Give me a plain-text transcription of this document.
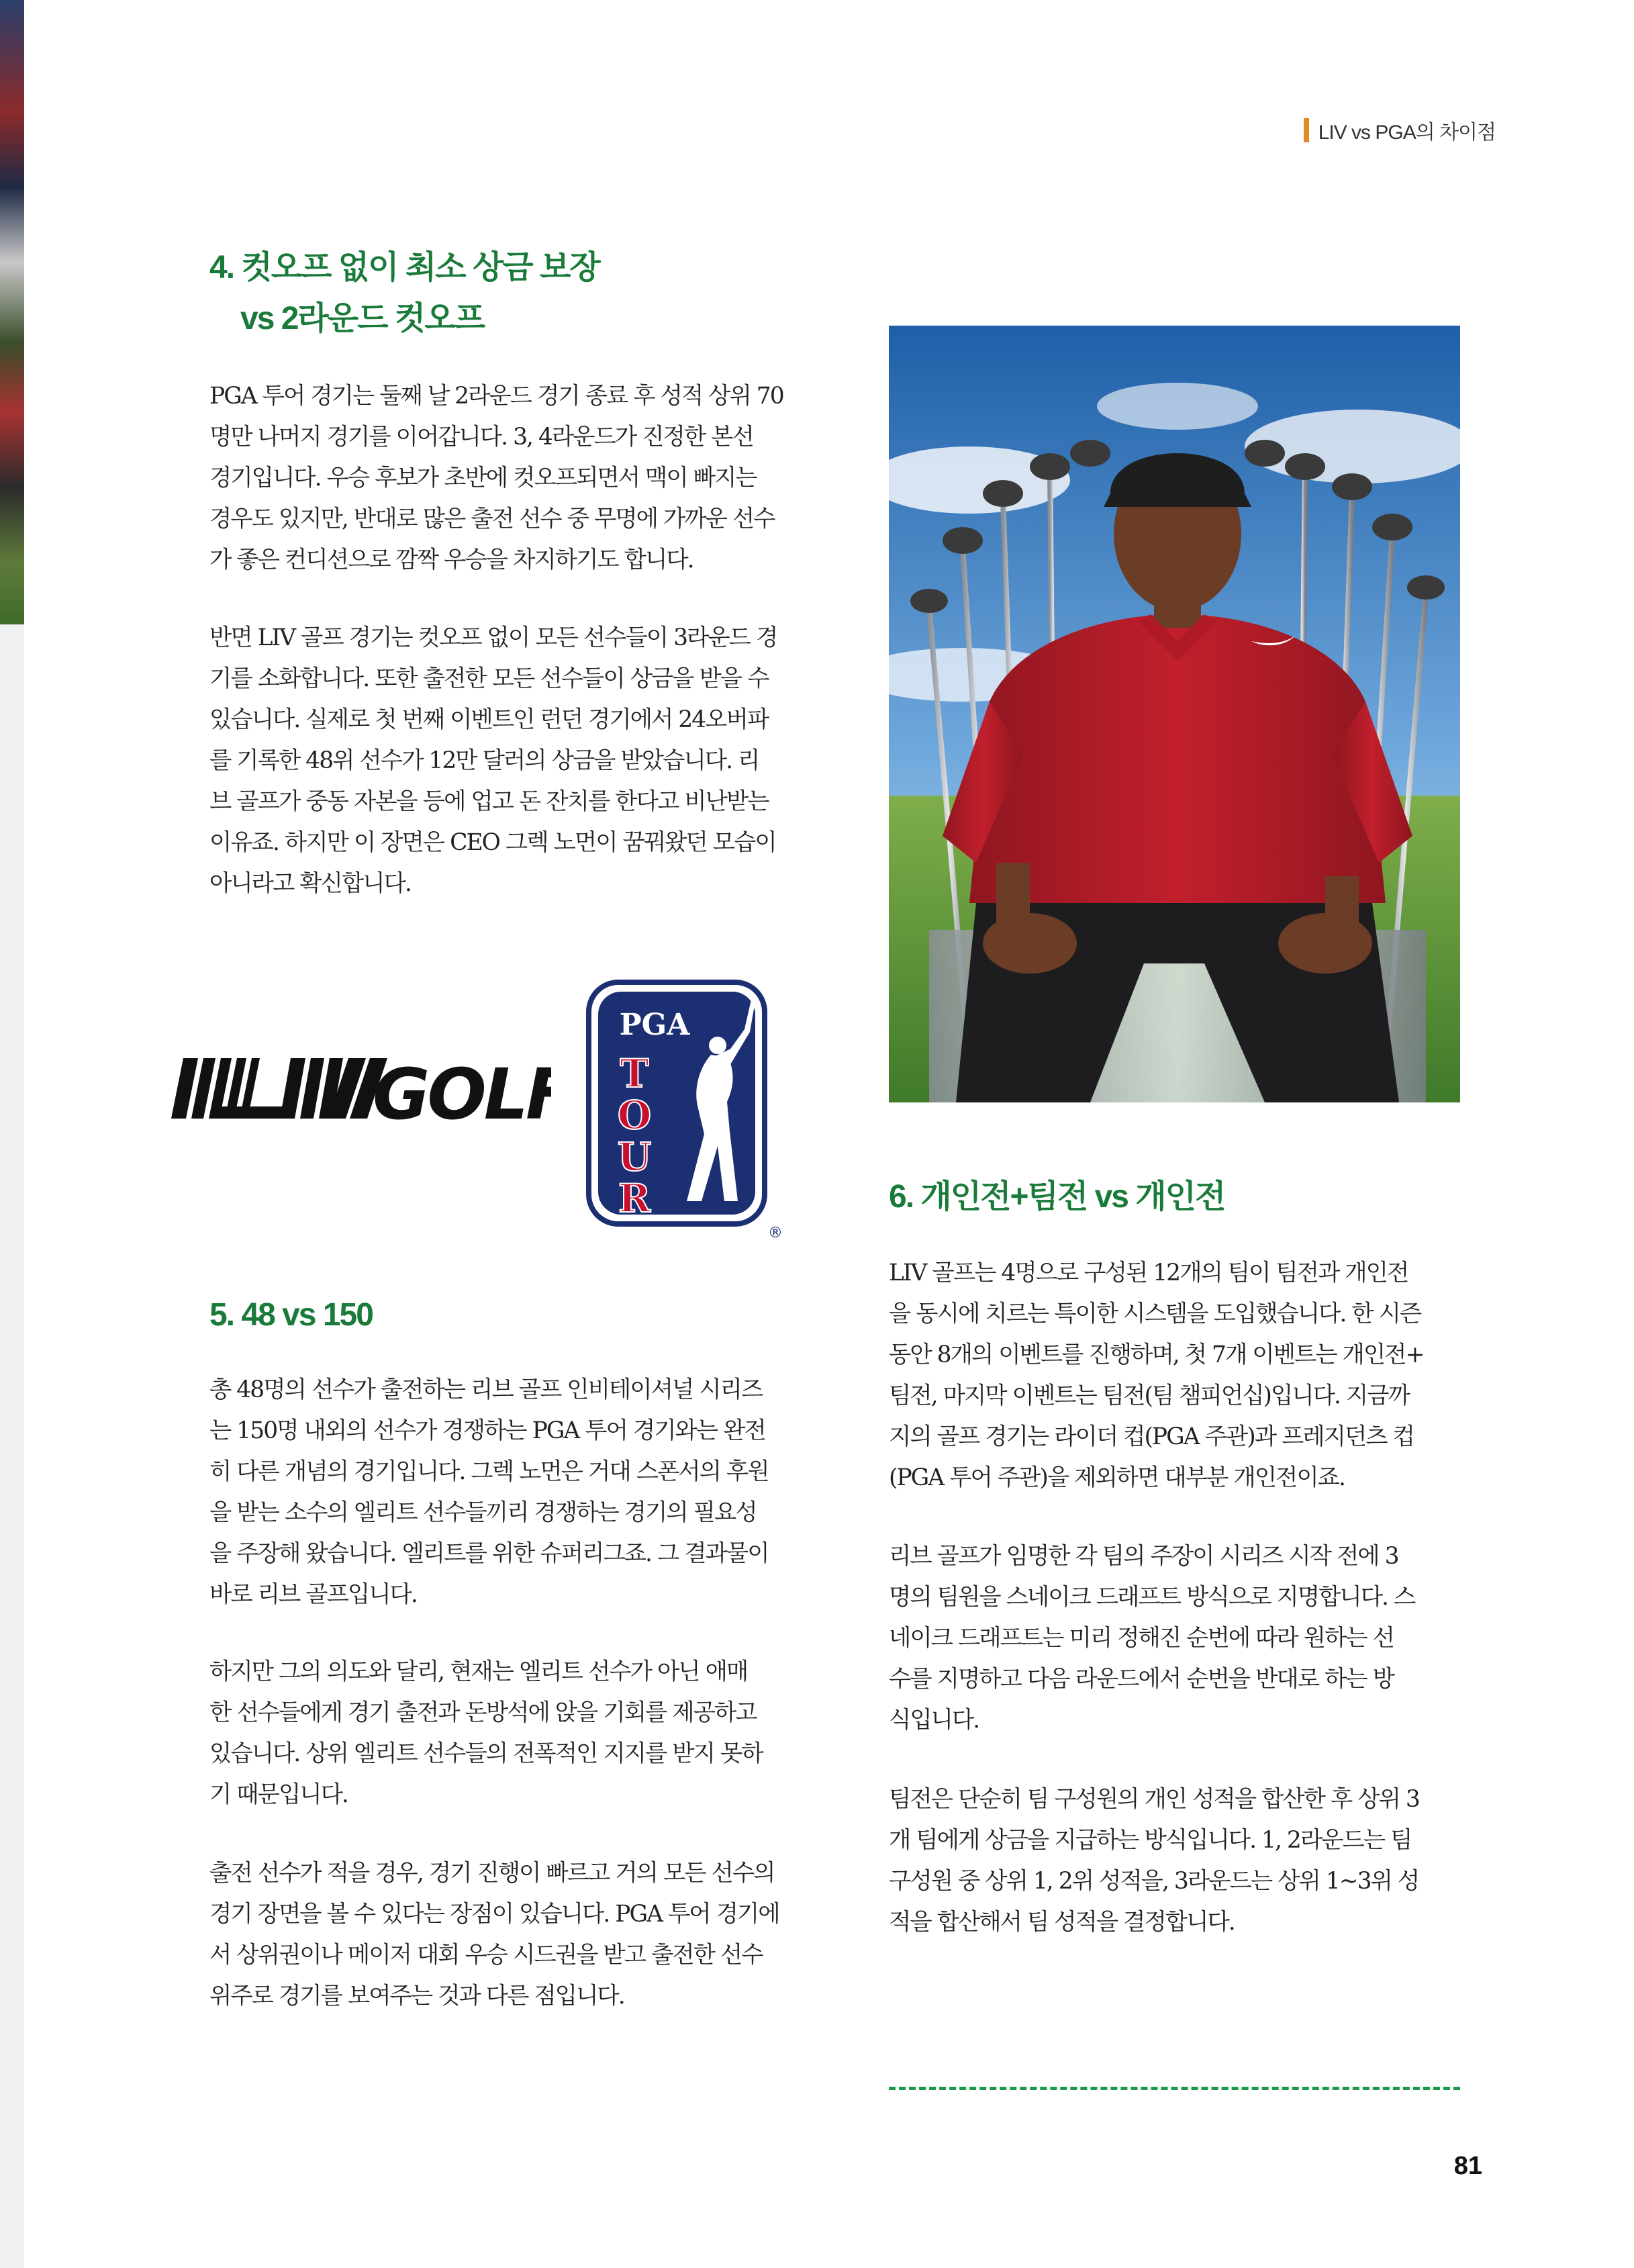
LIV vs PGA의 차이점
4. 컷오프 없이 최소 상금 보장
vs 2라운드 컷오프
PGA 투어 경기는 둘째 날 2라운드 경기 종료 후 성적 상위 70
명만 나머지 경기를 이어갑니다. 3, 4라운드가 진정한 본선
경기입니다. 우승 후보가 초반에 컷오프되면서 맥이 빠지는
경우도 있지만, 반대로 많은 출전 선수 중 무명에 가까운 선수
가 좋은 컨디션으로 깜짝 우승을 차지하기도 합니다.
반면 LIV 골프 경기는 컷오프 없이 모든 선수들이 3라운드 경
기를 소화합니다. 또한 출전한 모든 선수들이 상금을 받을 수
있습니다. 실제로 첫 번째 이벤트인 런던 경기에서 24오버파
를 기록한 48위 선수가 12만 달러의 상금을 받았습니다. 리
브 골프가 중동 자본을 등에 업고 돈 잔치를 한다고 비난받는
이유죠. 하지만 이 장면은 CEO 그렉 노먼이 꿈꿔왔던 모습이
아니라고 확신합니다.
GOLF
PGA
T
O
U
R
®
5. 48 vs 150
총 48명의 선수가 출전하는 리브 골프 인비테이셔널 시리즈
는 150명 내외의 선수가 경쟁하는 PGA 투어 경기와는 완전
히 다른 개념의 경기입니다. 그렉 노먼은 거대 스폰서의 후원
을 받는 소수의 엘리트 선수들끼리 경쟁하는 경기의 필요성
을 주장해 왔습니다. 엘리트를 위한 슈퍼리그죠. 그 결과물이
바로 리브 골프입니다.
하지만 그의 의도와 달리, 현재는 엘리트 선수가 아닌 애매
한 선수들에게 경기 출전과 돈방석에 앉을 기회를 제공하고
있습니다. 상위 엘리트 선수들의 전폭적인 지지를 받지 못하
기 때문입니다.
출전 선수가 적을 경우, 경기 진행이 빠르고 거의 모든 선수의
경기 장면을 볼 수 있다는 장점이 있습니다. PGA 투어 경기에
서 상위권이나 메이저 대회 우승 시드권을 받고 출전한 선수
위주로 경기를 보여주는 것과 다른 점입니다.
6. 개인전+팀전 vs 개인전
LIV 골프는 4명으로 구성된 12개의 팀이 팀전과 개인전
을 동시에 치르는 특이한 시스템을 도입했습니다. 한 시즌
동안 8개의 이벤트를 진행하며, 첫 7개 이벤트는 개인전+
팀전, 마지막 이벤트는 팀전(팀 챔피언십)입니다. 지금까
지의 골프 경기는 라이더 컵(PGA 주관)과 프레지던츠 컵
(PGA 투어 주관)을 제외하면 대부분 개인전이죠.
리브 골프가 임명한 각 팀의 주장이 시리즈 시작 전에 3
명의 팀원을 스네이크 드래프트 방식으로 지명합니다. 스
네이크 드래프트는 미리 정해진 순번에 따라 원하는 선
수를 지명하고 다음 라운드에서 순번을 반대로 하는 방
식입니다.
팀전은 단순히 팀 구성원의 개인 성적을 합산한 후 상위 3
개 팀에게 상금을 지급하는 방식입니다. 1, 2라운드는 팀
구성원 중 상위 1, 2위 성적을, 3라운드는 상위 1~3위 성
적을 합산해서 팀 성적을 결정합니다.
81
